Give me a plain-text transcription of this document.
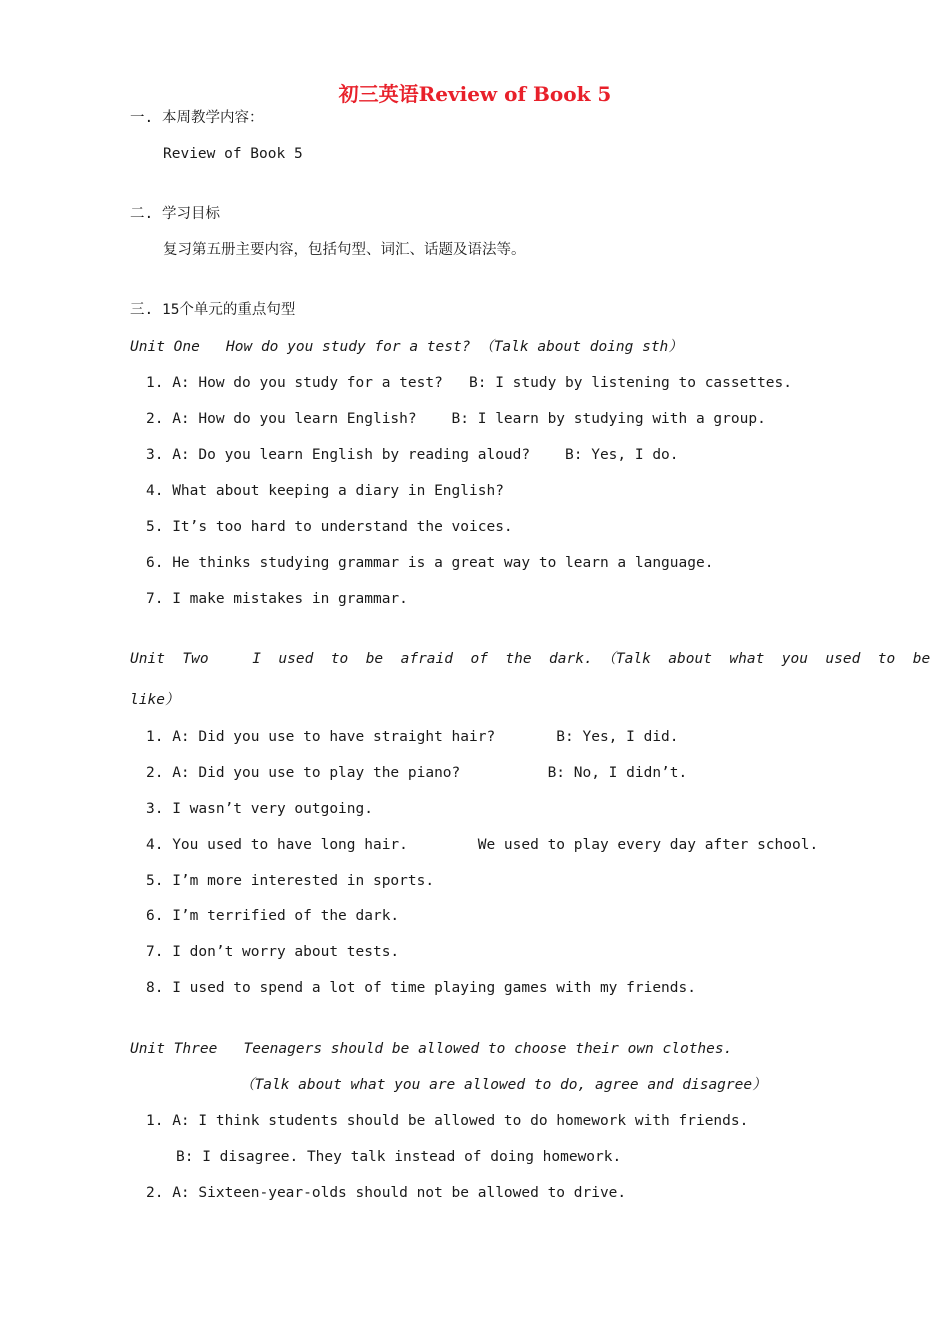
初三英语Review of Book 5
一. 本周教学内容：
Review of Book 5
二. 学习目标
复习第五册主要内容，包括句型、词汇、话题及语法等。
三. 15个单元的重点句型
Unit One   How do you study for a test? （Talk about doing sth）
1. A: How do you study for a test?   B: I study by listening to cassettes.
2. A: How do you learn English?    B: I learn by studying with a group.
3. A: Do you learn English by reading aloud?    B: Yes, I do.
4. What about keeping a diary in English?
5. It’s too hard to understand the voices.
6. He thinks studying grammar is a great way to learn a language.
7. I make mistakes in grammar.
Unit  Two     I  used  to  be  afraid  of  the  dark. （Talk  about  what  you  used  to  be
like）
1. A: Did you use to have straight hair?       B: Yes, I did.
2. A: Did you use to play the piano?          B: No, I didn’t.
3. I wasn’t very outgoing.
4. You used to have long hair.        We used to play every day after school.
5. I’m more interested in sports.
6. I’m terrified of the dark.
7. I don’t worry about tests.
8. I used to spend a lot of time playing games with my friends.
Unit Three   Teenagers should be allowed to choose their own clothes.
（Talk about what you are allowed to do, agree and disagree）
1. A: I think students should be allowed to do homework with friends.
B: I disagree. They talk instead of doing homework.
2. A: Sixteen-year-olds should not be allowed to drive.
